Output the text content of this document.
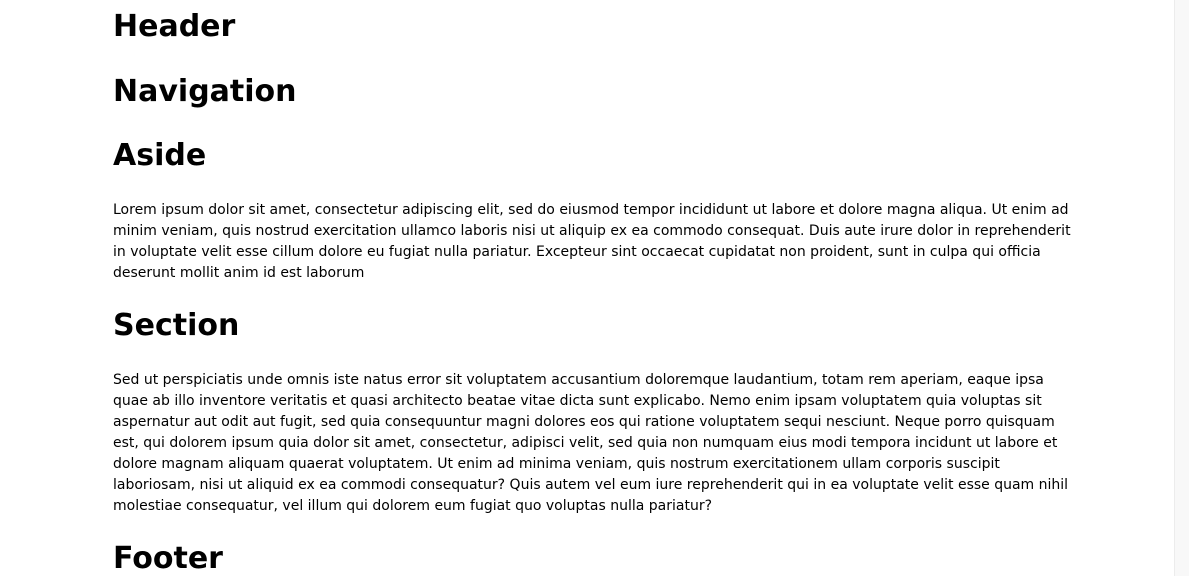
Header
Navigation
Aside

Lorem ipsum dolor sit amet, consectetur adipiscing elit, sed do eiusmod tempor incididunt ut labore et dolore magna aliqua. Ut enim ad minim veniam, quis nostrud exercitation ullamco laboris nisi ut aliquip ex ea commodo consequat. Duis aute irure dolor in reprehenderit in voluptate velit esse cillum dolore eu fugiat nulla pariatur. Excepteur sint occaecat cupidatat non proident, sunt in culpa qui officia deserunt mollit anim id est laborum

Section

Sed ut perspiciatis unde omnis iste natus error sit voluptatem accusantium doloremque laudantium, totam rem aperiam, eaque ipsa quae ab illo inventore veritatis et quasi architecto beatae vitae dicta sunt explicabo. Nemo enim ipsam voluptatem quia voluptas sit aspernatur aut odit aut fugit, sed quia consequuntur magni dolores eos qui ratione voluptatem sequi nesciunt. Neque porro quisquam est, qui dolorem ipsum quia dolor sit amet, consectetur, adipisci velit, sed quia non numquam eius modi tempora incidunt ut labore et dolore magnam aliquam quaerat voluptatem. Ut enim ad minima veniam, quis nostrum exercitationem ullam corporis suscipit laboriosam, nisi ut aliquid ex ea commodi consequatur? Quis autem vel eum iure reprehenderit qui in ea voluptate velit esse quam nihil molestiae consequatur, vel illum qui dolorem eum fugiat quo voluptas nulla pariatur?

Footer
